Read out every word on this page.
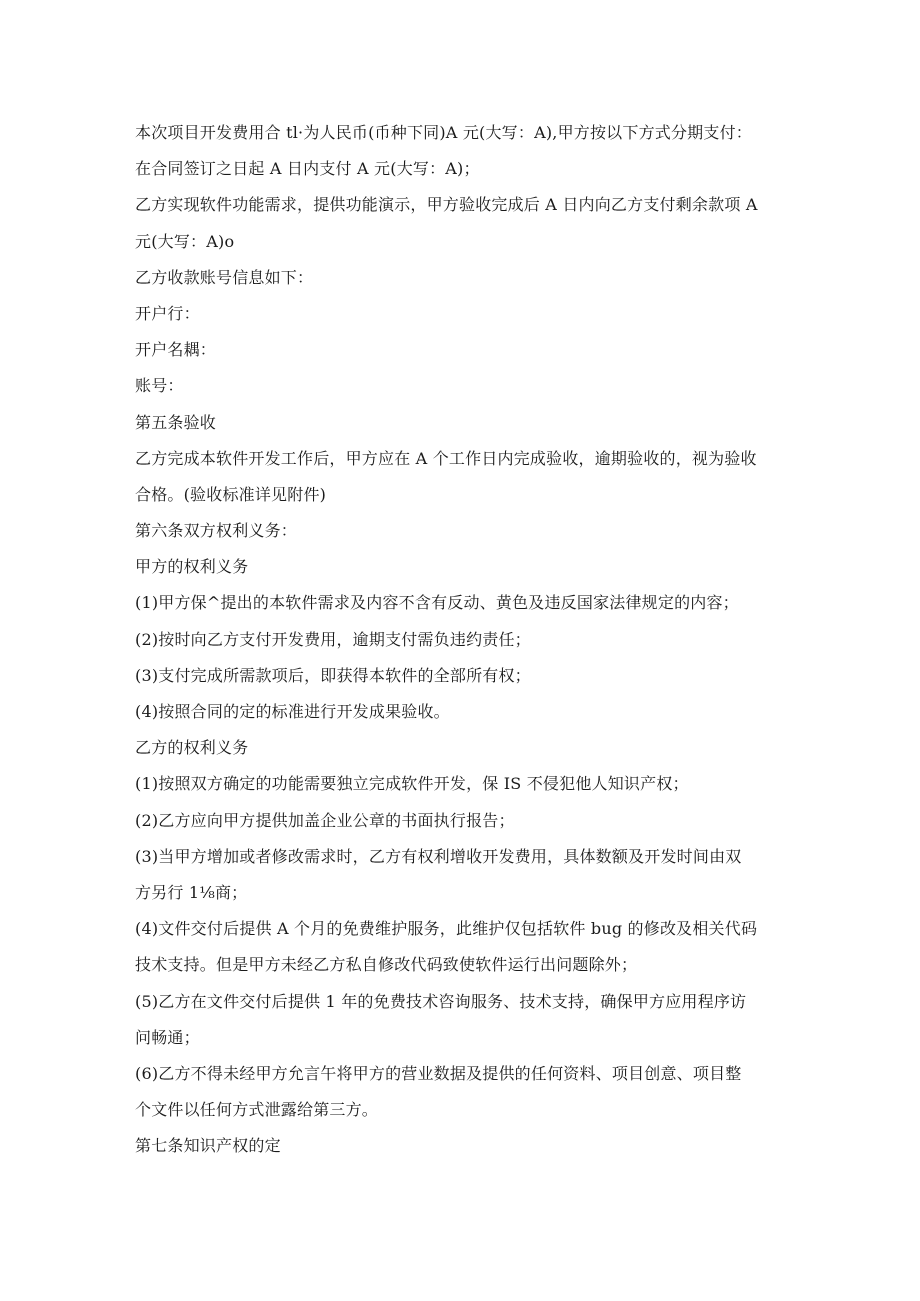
本次项目开发费用合 tl·为人民币(币种下同)A 元(大写：A),甲方按以下方式分期支付：
在合同签订之日起 A 日内支付 A 元(大写：A)；
乙方实现软件功能需求，提供功能演示，甲方验收完成后 A 日内向乙方支付剩余款项 A
元(大写：A)o
乙方收款账号信息如下：
开户行：
开户名耦：
账号：
第五条验收
乙方完成本软件开发工作后，甲方应在 A 个工作日内完成验收，逾期验收的，视为验收
合格。(验收标准详见附件)
第六条双方权利义务：
甲方的权利义务
(1)甲方保^提出的本软件需求及内容不含有反动、黄色及违反国家法律规定的内容；
(2)按时向乙方支付开发费用，逾期支付需负违约责任；
(3)支付完成所需款项后，即获得本软件的全部所有权；
(4)按照合同的定的标准进行开发成果验收。
乙方的权利义务
(1)按照双方确定的功能需要独立完成软件开发，保 IS 不侵犯他人知识产权；
(2)乙方应向甲方提供加盖企业公章的书面执行报告；
(3)当甲方增加或者修改需求时，乙方有权利增收开发费用，具体数额及开发时间由双
方另行 1⅛商；
(4)文件交付后提供 A 个月的免费维护服务，此维护仅包括软件 bug 的修改及相关代码
技术支持。但是甲方未经乙方私自修改代码致使软件运行出问题除外；
(5)乙方在文件交付后提供 1 年的免费技术咨询服务、技术支持，确保甲方应用程序访
问畅通；
(6)乙方不得未经甲方允言午将甲方的营业数据及提供的任何资料、项目创意、项目整
个文件以任何方式泄露给第三方。
第七条知识产权的定
